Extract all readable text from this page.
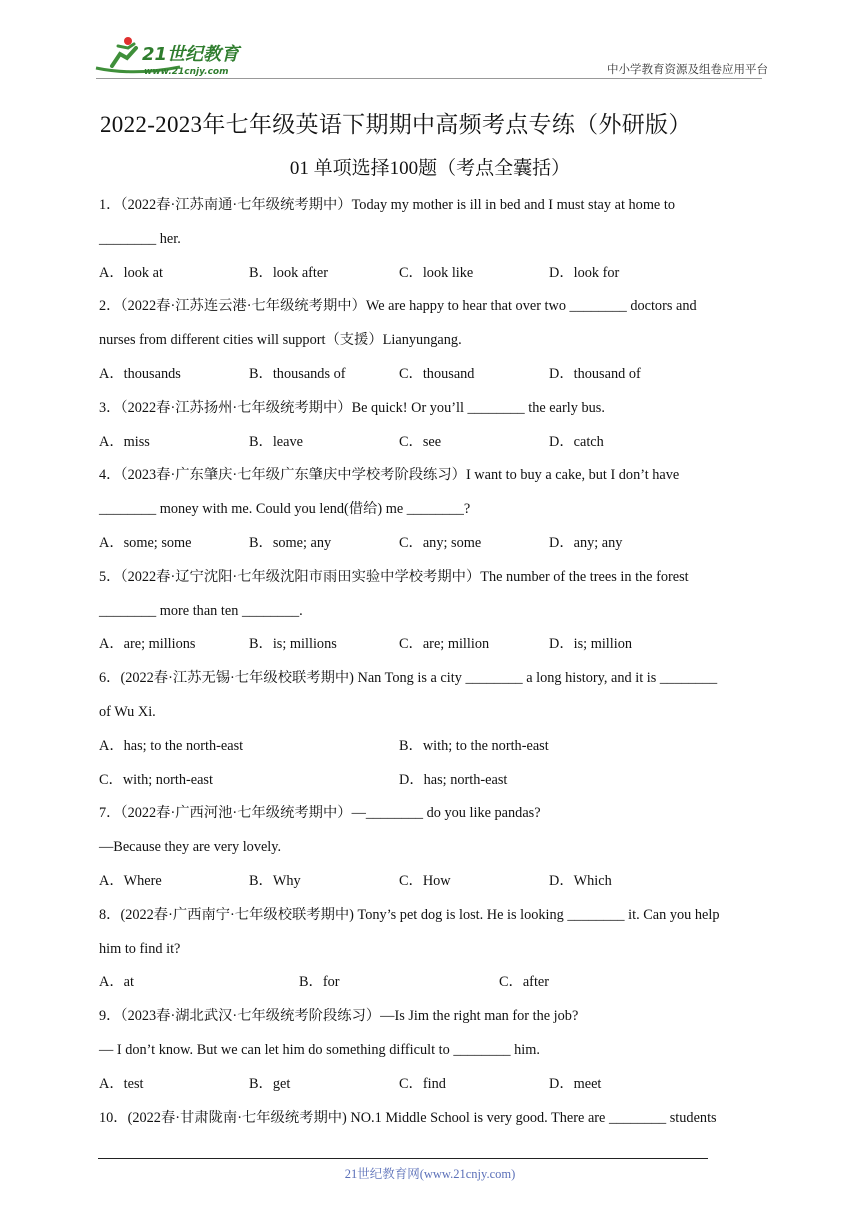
21世纪教育
www.21cnjy.com	中小学教育资源及组卷应用平台
2022-2023年七年级英语下期期中高频考点专练（外研版）
01 单项选择100题（考点全囊括）
1．（2022春·江苏南通·七年级统考期中）Today my mother is ill in bed and I must stay at home to
________ her.
A．look at	B．look after	C．look like	D．look for
2．（2022春·江苏连云港·七年级统考期中）We are happy to hear that over two ________ doctors and
nurses from different cities will support（支援）Lianyungang.
A．thousands	B．thousands of	C．thousand	D．thousand of
3．（2022春·江苏扬州·七年级统考期中）Be quick! Or you’ll ________ the early bus.
A．miss	B．leave	C．see	D．catch
4．（2023春·广东肇庆·七年级广东肇庆中学校考阶段练习）I want to buy a cake, but I don’t have
________ money with me. Could you lend(借给) me ________?
A．some; some	B．some; any	C．any; some	D．any; any
5．（2022春·辽宁沈阳·七年级沈阳市雨田实验中学校考期中）The number of the trees in the forest
________ more than ten ________.
A．are; millions	B．is; millions	C．are; million	D．is; million
6．(2022春·江苏无锡·七年级校联考期中) Nan Tong is a city ________ a long history, and it is ________
of Wu Xi.
A．has; to the north-east	B．with; to the north-east
C．with; north-east	D．has; north-east
7．（2022春·广西河池·七年级统考期中）—________ do you like pandas?
—Because they are very lovely.
A．Where	B．Why	C．How	D．Which
8．(2022春·广西南宁·七年级校联考期中) Tony’s pet dog is lost. He is looking ________ it. Can you help
him to find it?
A．at	B．for	C．after
9．（2023春·湖北武汉·七年级统考阶段练习）—Is Jim the right man for the job?
— I don’t know. But we can let him do something difficult to ________ him.
A．test	B．get	C．find	D．meet
10．(2022春·甘肃陇南·七年级统考期中) NO.1 Middle School is very good. There are ________ students
21世纪教育网(www.21cnjy.com)
